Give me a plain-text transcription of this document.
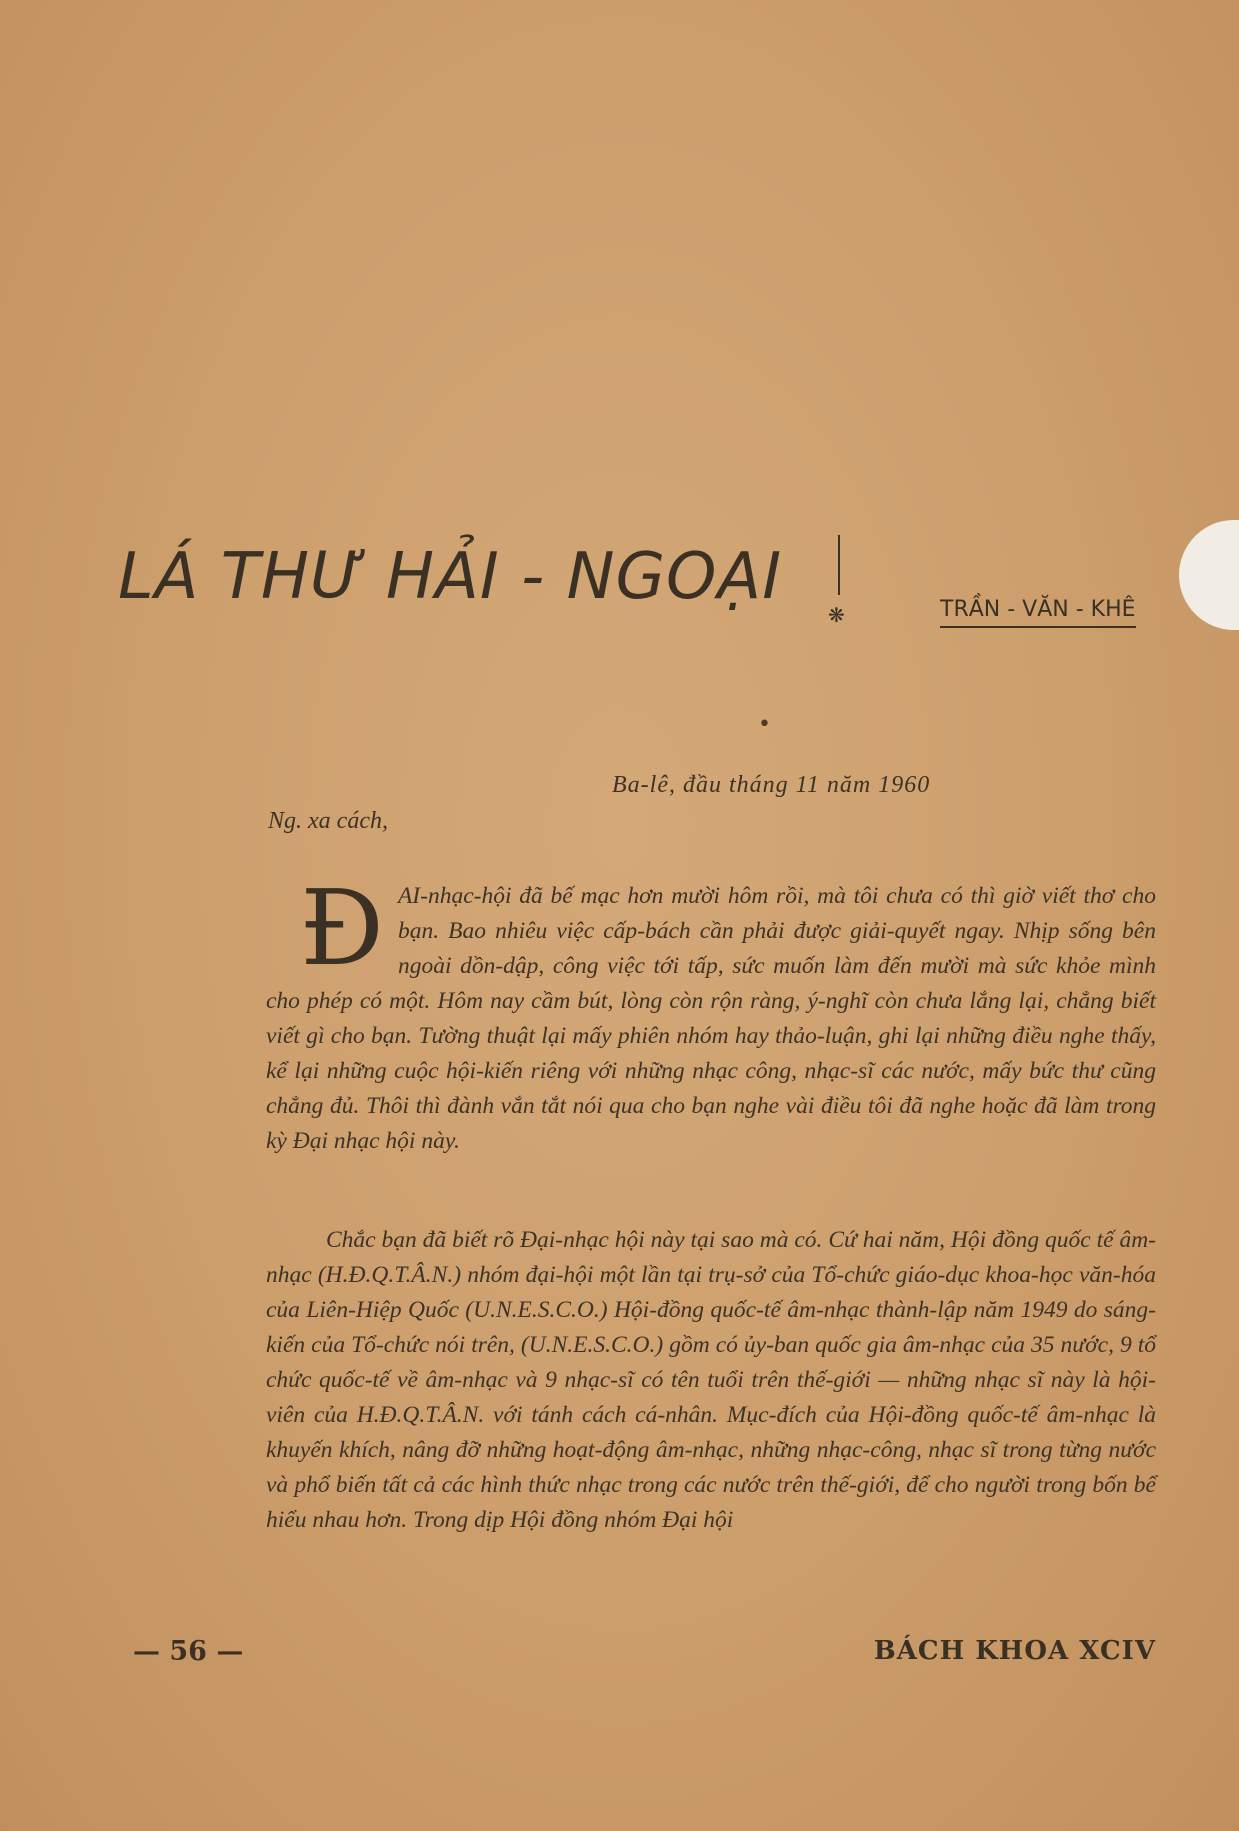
LÁ THƯ HẢI - NGOẠI
❋	TRẦN - VĂN - KHÊ
•
Ba-lê, đầu tháng 11 năm 1960
Ng. xa cách,
ĐAI-nhạc-hội đã bế mạc hơn mười hôm rồi, mà tôi chưa có thì giờ viết thơ cho bạn. Bao nhiêu việc cấp-bách cần phải được giải-quyết ngay. Nhịp sống bên ngoài dồn-dập, công việc tới tấp, sức muốn làm đến mười mà sức khỏe mình cho phép có một. Hôm nay cầm bút, lòng còn rộn ràng, ý-nghĩ còn chưa lắng lại, chẳng biết viết gì cho bạn. Tường thuật lại mấy phiên nhóm hay thảo-luận, ghi lại những điều nghe thấy, kể lại những cuộc hội-kiến riêng với những nhạc công, nhạc-sĩ các nước, mấy bức thư cũng chẳng đủ. Thôi thì đành vắn tắt nói qua cho bạn nghe vài điều tôi đã nghe hoặc đã làm trong kỳ Đại nhạc hội này.
Chắc bạn đã biết rõ Đại-nhạc hội này tại sao mà có. Cứ hai năm, Hội đồng quốc tế âm-nhạc (H.Đ.Q.T.Â.N.) nhóm đại-hội một lần tại trụ-sở của Tổ-chức giáo-dục khoa-học văn-hóa của Liên-Hiệp Quốc (U.N.E.S.C.O.) Hội-đồng quốc-tế âm-nhạc thành-lập năm 1949 do sáng-kiến của Tổ-chức nói trên, (U.N.E.S.C.O.) gồm có ủy-ban quốc gia âm-nhạc của 35 nước, 9 tổ chức quốc-tế về âm-nhạc và 9 nhạc-sĩ có tên tuổi trên thế-giới — những nhạc sĩ này là hội-viên của H.Đ.Q.T.Â.N. với tánh cách cá-nhân. Mục-đích của Hội-đồng quốc-tế âm-nhạc là khuyến khích, nâng đỡ những hoạt-động âm-nhạc, những nhạc-công, nhạc sĩ trong từng nước và phổ biến tất cả các hình thức nhạc trong các nước trên thế-giới, để cho người trong bốn bể hiểu nhau hơn. Trong dịp Hội đồng nhóm Đại hội
— 56 —	BÁCH KHOA XCIV
